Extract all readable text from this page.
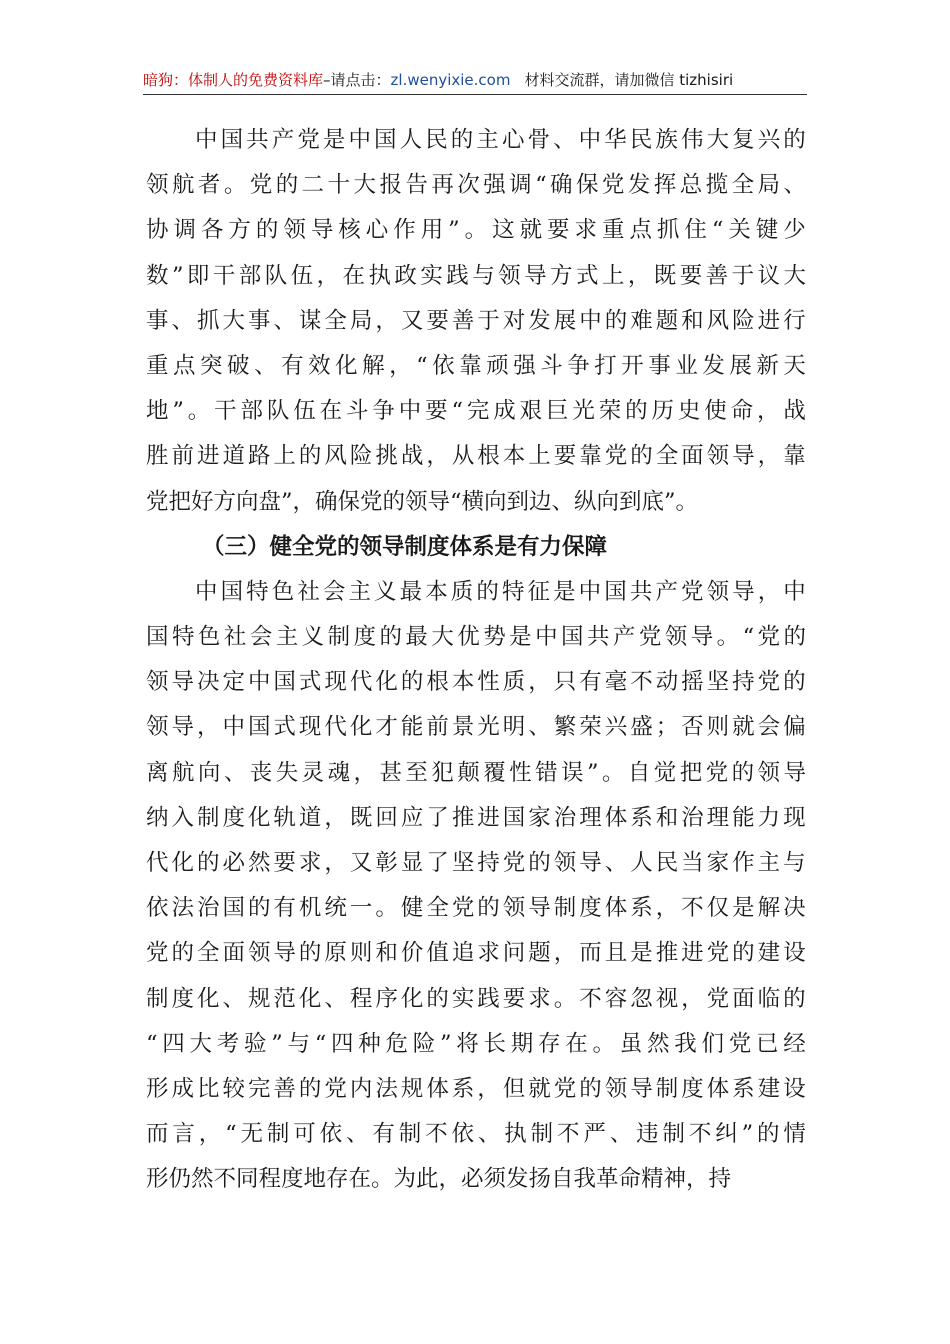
暗狗：体制人的免费资料库–请点击：zl.wenyixie.com 材料交流群，请加微信 tizhisiri
中 国 共 产 党 是 中 国 人 民 的 主 心 骨 、 中 华 民 族 伟 大 复 兴 的
领 航 者 。 党 的 二 十 大 报 告 再 次 强 调 “ 确 保 党 发 挥 总 揽 全 局 、
协 调 各 方 的 领 导 核 心 作 用 ” 。 这 就 要 求 重 点 抓 住 “ 关 键 少
数 ” 即 干 部 队 伍 ， 在 执 政 实 践 与 领 导 方 式 上 ， 既 要 善 于 议 大
事 、 抓 大 事 、 谋 全 局 ， 又 要 善 于 对 发 展 中 的 难 题 和 风 险 进 行
重 点 突 破 、 有 效 化 解 ， “ 依 靠 顽 强 斗 争 打 开 事 业 发 展 新 天
地 ” 。 干 部 队 伍 在 斗 争 中 要 “ 完 成 艰 巨 光 荣 的 历 史 使 命 ， 战
胜 前 进 道 路 上 的 风 险 挑 战 ， 从 根 本 上 要 靠 党 的 全 面 领 导 ， 靠
党把好方向盘”，确保党的领导“横向到边、纵向到底”。
（三）健全党的领导制度体系是有力保障
中 国 特 色 社 会 主 义 最 本 质 的 特 征 是 中 国 共 产 党 领 导 ， 中
国 特 色 社 会 主 义 制 度 的 最 大 优 势 是 中 国 共 产 党 领 导 。 “ 党 的
领 导 决 定 中 国 式 现 代 化 的 根 本 性 质 ， 只 有 毫 不 动 摇 坚 持 党 的
领 导 ， 中 国 式 现 代 化 才 能 前 景 光 明 、 繁 荣 兴 盛 ； 否 则 就 会 偏
离 航 向 、 丧 失 灵 魂 ， 甚 至 犯 颠 覆 性 错 误 ” 。 自 觉 把 党 的 领 导
纳 入 制 度 化 轨 道 ， 既 回 应 了 推 进 国 家 治 理 体 系 和 治 理 能 力 现
代 化 的 必 然 要 求 ， 又 彰 显 了 坚 持 党 的 领 导 、 人 民 当 家 作 主 与
依 法 治 国 的 有 机 统 一 。 健 全 党 的 领 导 制 度 体 系 ， 不 仅 是 解 决
党 的 全 面 领 导 的 原 则 和 价 值 追 求 问 题 ， 而 且 是 推 进 党 的 建 设
制 度 化 、 规 范 化 、 程 序 化 的 实 践 要 求 。 不 容 忽 视 ， 党 面 临 的
“ 四 大 考 验 ” 与 “ 四 种 危 险 ” 将 长 期 存 在 。 虽 然 我 们 党 已 经
形 成 比 较 完 善 的 党 内 法 规 体 系 ， 但 就 党 的 领 导 制 度 体 系 建 设
而 言 ， “ 无 制 可 依 、 有 制 不 依 、 执 制 不 严 、 违 制 不 纠 ” 的 情
形仍然不同程度地存在。为此，必须发扬自我革命精神，持
